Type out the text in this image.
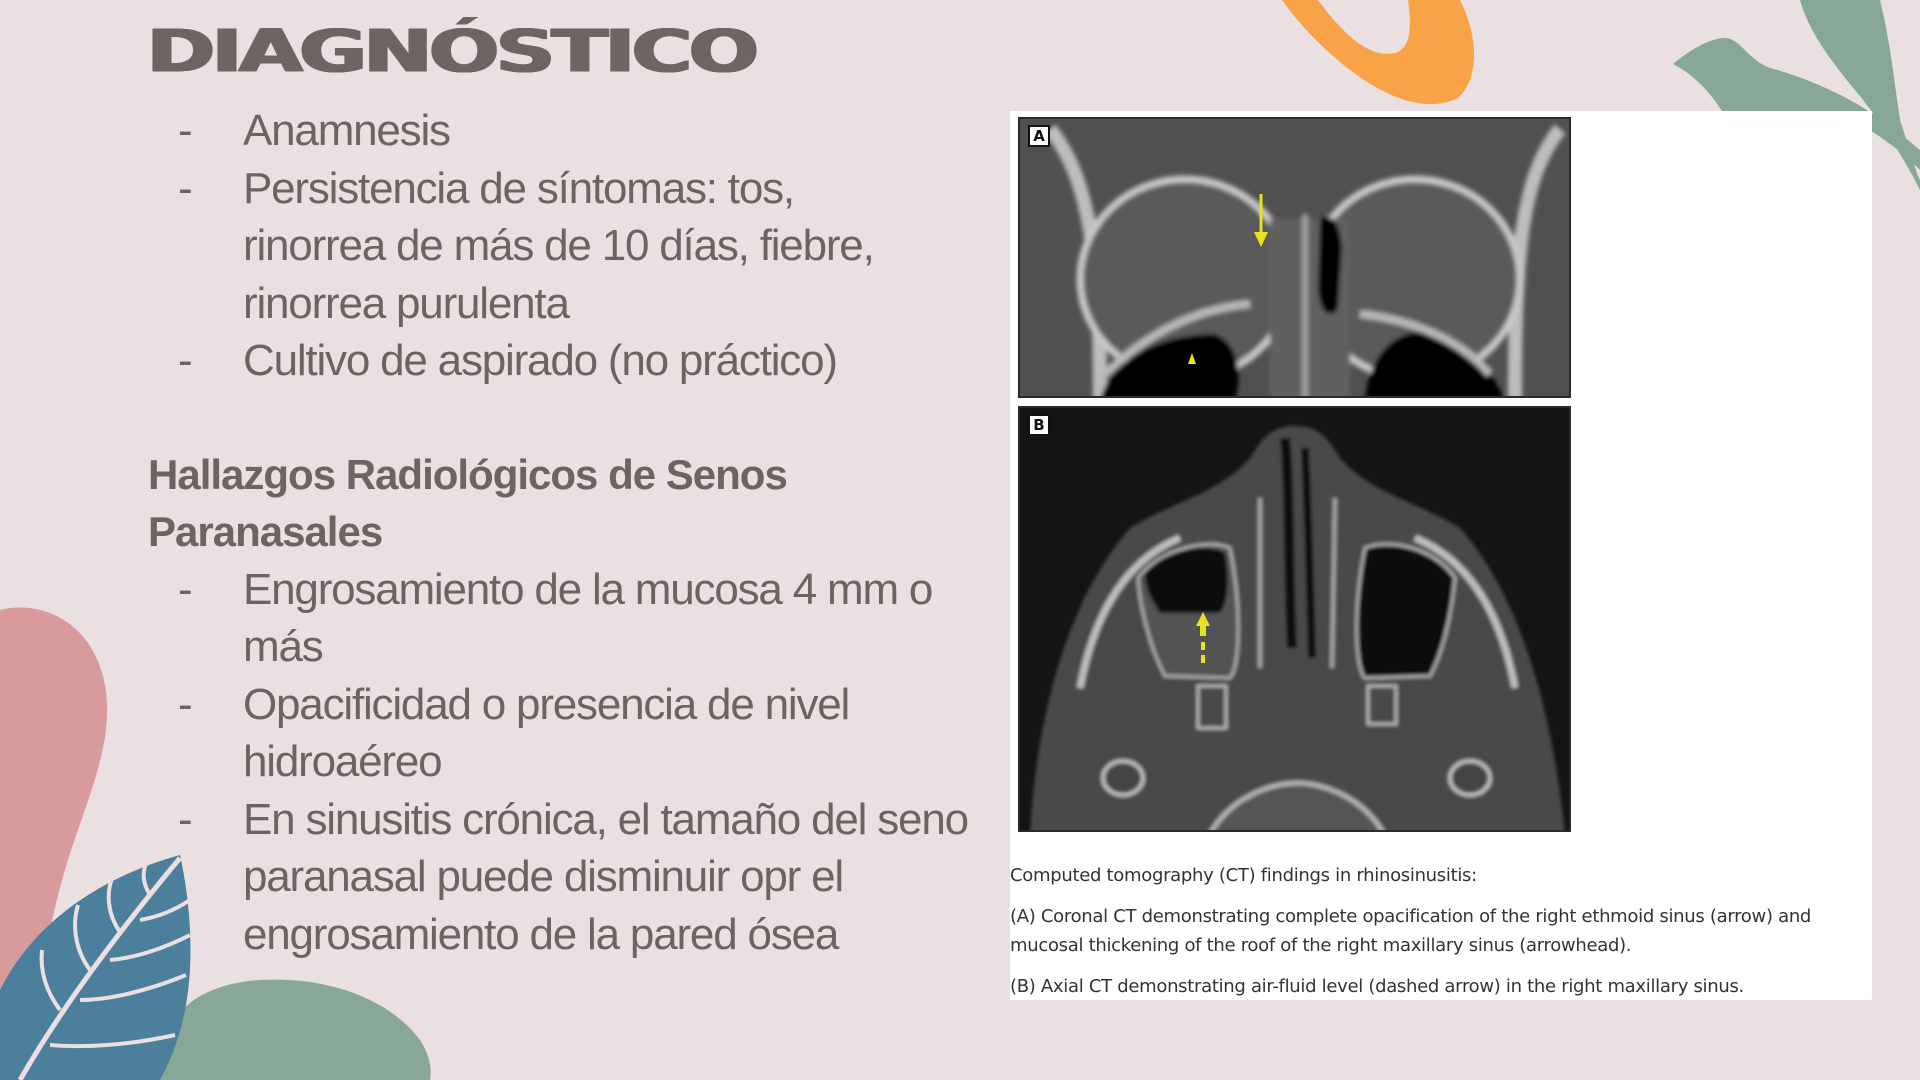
DIAGNÓSTICO
- Anamnesis
- Persistencia de síntomas: tos, rinorrea de más de 10 días, fiebre, rinorrea purulenta
- Cultivo de aspirado (no práctico)
Hallazgos Radiológicos de Senos Paranasales
- Engrosamiento de la mucosa 4 mm o más
- Opacificidad o presencia de nivel hidroaéreo
- En sinusitis crónica, el tamaño del seno paranasal puede disminuir opr el engrosamiento de la pared ósea
A
B

Computed tomography (CT) findings in rhinosinusitis:

(A) Coronal CT demonstrating complete opacification of the right ethmoid sinus (arrow) and mucosal thickening of the roof of the right maxillary sinus (arrowhead).

(B) Axial CT demonstrating air-fluid level (dashed arrow) in the right maxillary sinus.
